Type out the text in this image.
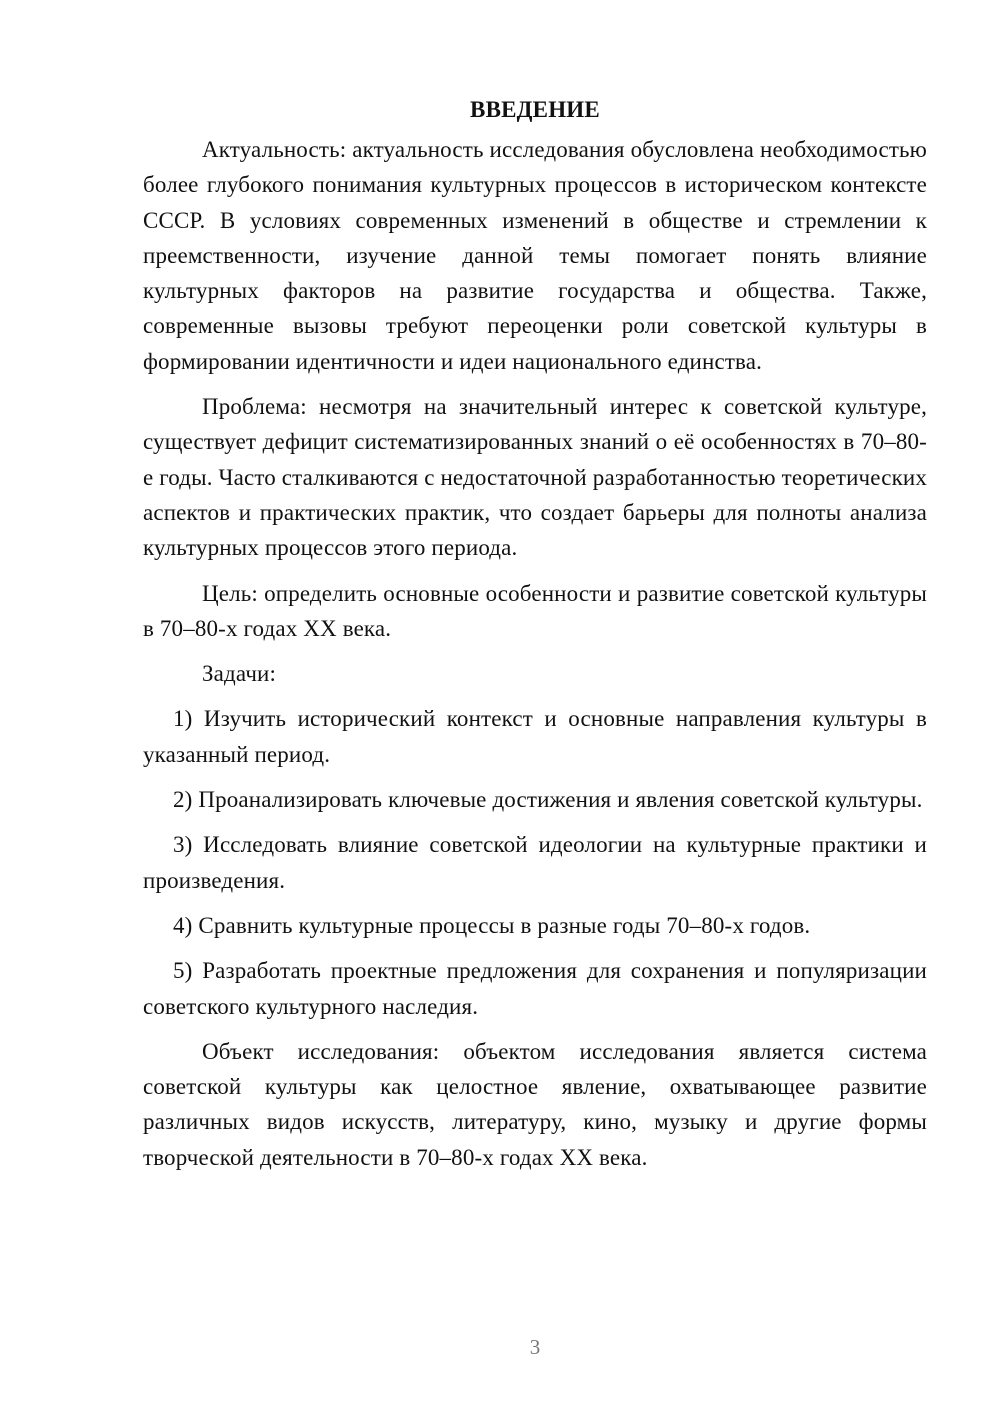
ВВЕДЕНИЕ

Актуальность: актуальность исследования обусловлена необходимостью более глубокого понимания культурных процессов в историческом контексте СССР. В условиях современных изменений в обществе и стремлении к преемственности, изучение данной темы помогает понять влияние культурных факторов на развитие государства и общества. Также, современные вызовы требуют переоценки роли советской культуры в формировании идентичности и идеи национального единства.

Проблема: несмотря на значительный интерес к советской культуре, существует дефицит систематизированных знаний о её особенностях в 70–80-е годы. Часто сталкиваются с недостаточной разработанностью теоретических аспектов и практических практик, что создает барьеры для полноты анализа культурных процессов этого периода.

Цель: определить основные особенности и развитие советской культуры в 70–80-х годах XX века.

Задачи:

1) Изучить исторический контекст и основные направления культуры в указанный период.

2) Проанализировать ключевые достижения и явления советской культуры.

3) Исследовать влияние советской идеологии на культурные практики и произведения.

4) Сравнить культурные процессы в разные годы 70–80-х годов.

5) Разработать проектные предложения для сохранения и популяризации советского культурного наследия.

Объект исследования: объектом исследования является система советской культуры как целостное явление, охватывающее развитие различных видов искусств, литературу, кино, музыку и другие формы творческой деятельности в 70–80-х годах XX века.

3
